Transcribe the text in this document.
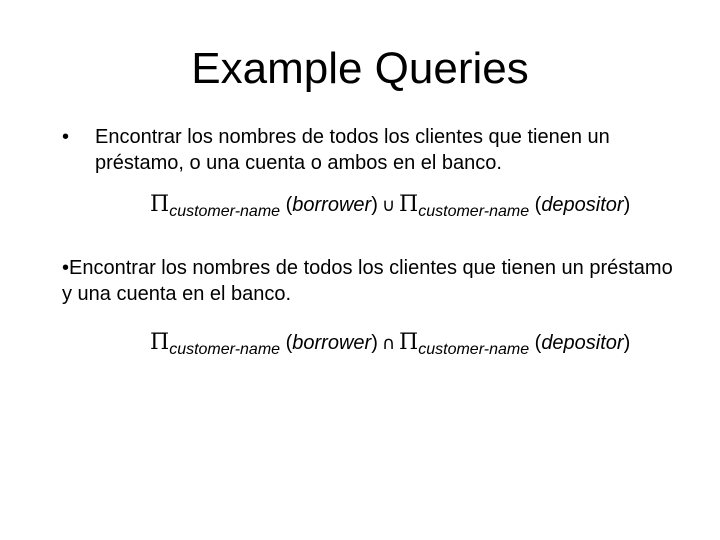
Example Queries
• Encontrar los nombres de todos los clientes que tienen un préstamo, o una cuenta o ambos en el banco.
$\Pi_{customer-name}$ (borrower) ∪ $\Pi_{customer-name}$ (depositor)
•Encontrar los nombres de todos los clientes que tienen un préstamo y una cuenta en el banco.
$\Pi_{customer-name}$ (borrower) ∩ $\Pi_{customer-name}$ (depositor)
